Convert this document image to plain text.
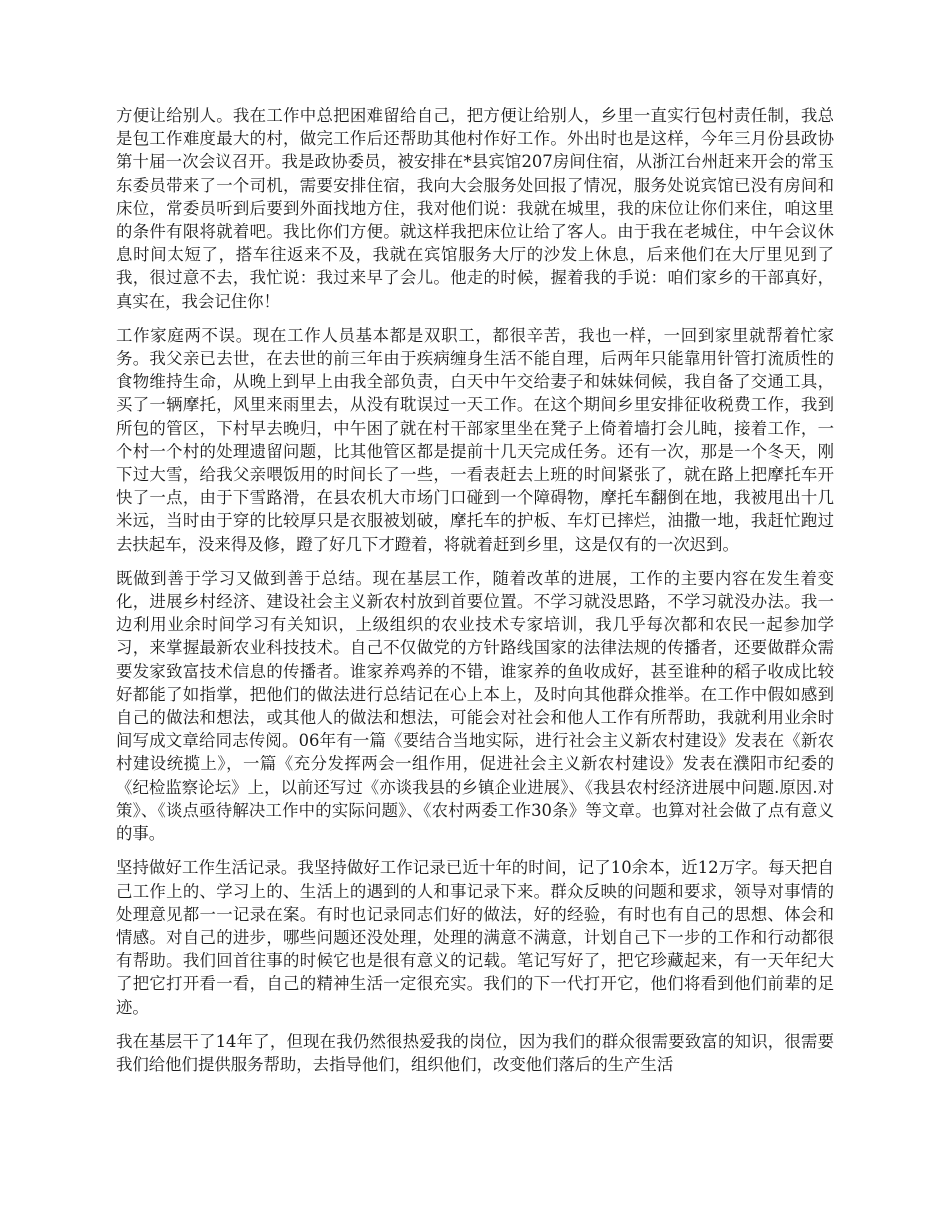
方便让给别人。我在工作中总把困难留给自己，把方便让给别人，乡里一直实行包村责任制，我总是包工作难度最大的村，做完工作后还帮助其他村作好工作。外出时也是这样，今年三月份县政协第十届一次会议召开。我是政协委员，被安排在*县宾馆207房间住宿，从浙江台州赶来开会的常玉东委员带来了一个司机，需要安排住宿，我向大会服务处回报了情况，服务处说宾馆已没有房间和床位，常委员听到后要到外面找地方住，我对他们说：我就在城里，我的床位让你们来住，咱这里的条件有限将就着吧。我比你们方便。就这样我把床位让给了客人。由于我在老城住，中午会议休息时间太短了，搭车往返来不及，我就在宾馆服务大厅的沙发上休息，后来他们在大厅里见到了我，很过意不去，我忙说：我过来早了会儿。他走的时候，握着我的手说：咱们家乡的干部真好，真实在，我会记住你！

工作家庭两不误。现在工作人员基本都是双职工，都很辛苦，我也一样，一回到家里就帮着忙家务。我父亲已去世，在去世的前三年由于疾病缠身生活不能自理，后两年只能靠用针管打流质性的食物维持生命，从晚上到早上由我全部负责，白天中午交给妻子和妹妹伺候，我自备了交通工具，买了一辆摩托，风里来雨里去，从没有耽误过一天工作。在这个期间乡里安排征收税费工作，我到所包的管区，下村早去晚归，中午困了就在村干部家里坐在凳子上倚着墙打会儿盹，接着工作，一个村一个村的处理遗留问题，比其他管区都是提前十几天完成任务。还有一次，那是一个冬天，刚下过大雪，给我父亲喂饭用的时间长了一些，一看表赶去上班的时间紧张了，就在路上把摩托车开快了一点，由于下雪路滑，在县农机大市场门口碰到一个障碍物，摩托车翻倒在地，我被甩出十几米远，当时由于穿的比较厚只是衣服被划破，摩托车的护板、车灯已摔烂，油撒一地，我赶忙跑过去扶起车，没来得及修，蹬了好几下才蹬着，将就着赶到乡里，这是仅有的一次迟到。

既做到善于学习又做到善于总结。现在基层工作，随着改革的进展，工作的主要内容在发生着变化，进展乡村经济、建设社会主义新农村放到首要位置。不学习就没思路，不学习就没办法。我一边利用业余时间学习有关知识，上级组织的农业技术专家培训，我几乎每次都和农民一起参加学习，来掌握最新农业科技技术。自己不仅做党的方针路线国家的法律法规的传播者，还要做群众需要发家致富技术信息的传播者。谁家养鸡养的不错，谁家养的鱼收成好，甚至谁种的稻子收成比较好都能了如指掌，把他们的做法进行总结记在心上本上，及时向其他群众推举。在工作中假如感到自己的做法和想法，或其他人的做法和想法，可能会对社会和他人工作有所帮助，我就利用业余时间写成文章给同志传阅。06年有一篇《要结合当地实际，进行社会主义新农村建设》发表在《新农村建设统揽上》，一篇《充分发挥两会一组作用，促进社会主义新农村建设》发表在濮阳市纪委的《纪检监察论坛》上，以前还写过《亦谈我县的乡镇企业进展》、《我县农村经济进展中问题.原因.对策》、《谈点亟待解决工作中的实际问题》、《农村两委工作30条》等文章。也算对社会做了点有意义的事。

坚持做好工作生活记录。我坚持做好工作记录已近十年的时间，记了10余本，近12万字。每天把自己工作上的、学习上的、生活上的遇到的人和事记录下来。群众反映的问题和要求，领导对事情的处理意见都一一记录在案。有时也记录同志们好的做法，好的经验，有时也有自己的思想、体会和情感。对自己的进步，哪些问题还没处理，处理的满意不满意，计划自己下一步的工作和行动都很有帮助。我们回首往事的时候它也是很有意义的记载。笔记写好了，把它珍藏起来，有一天年纪大了把它打开看一看，自己的精神生活一定很充实。我们的下一代打开它，他们将看到他们前辈的足迹。

我在基层干了14年了，但现在我仍然很热爱我的岗位，因为我们的群众很需要致富的知识，很需要我们给他们提供服务帮助，去指导他们，组织他们，改变他们落后的生产生活
